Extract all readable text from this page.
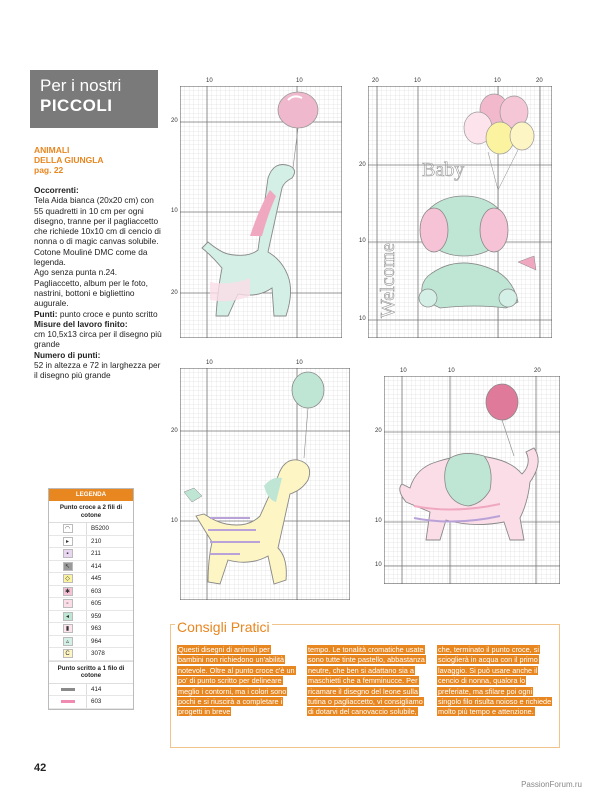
Per i nostri
PICCOLI
ANIMALI
DELLA GIUNGLA
pag. 22

Occorrenti:

Tela Aida bianca (20x20 cm) con 55 quadretti in 10 cm per ogni disegno, tranne per il pagliaccetto che richiede 10x10 cm di cencio di nonna o di magic canvas solubile.

Cotone Mouliné DMC come da legenda.

Ago senza punta n.24. Pagliaccetto, album per le foto, nastrini, bottoni e bigliettino augurale.

Punti: punto croce e punto scritto

Misure del lavoro finito:
cm 10,5x13 circa per il disegno più grande

Numero di punti:
52 in altezza e 72 in larghezza per il disegno più grande

LEGENDA
Punto croce a 2 fili di cotone
◠	B5200
▸	210
▪	211
↖	414
◇	445
✱	603
▫	605
◂	959
▮	963
▵	964
C	3078
Punto scritto a 1 filo di cotone
414
603
10	10
20
10
20
20	10	10	20
20
10
10
Baby
Welcome
10	10
20
10
10	10	20
20
10
10
Consigli Pratici
Questi disegni di animali per bambini non richiedono un'abilità notevole. Oltre al punto croce c'è un po' di punto scritto per delineare meglio i contorni, ma i colori sono pochi e si riuscirà a completare i progetti in breve
tempo. Le tonalità cromatiche usate sono tutte tinte pastello, abbastanza neutre, che ben si adattano sia a maschietti che a femminucce. Per ricamare il disegno del leone sulla tutina o pagliaccetto, vi consigliamo di dotarvi del canovaccio solubile,
che, terminato il punto croce, si scioglierà in acqua con il primo lavaggio. Si può usare anche il cencio di nonna, qualora lo preferiate, ma sfilare poi ogni singolo filo risulta noioso e richiede molto più tempo e attenzione.
42
PassionForum.ru
